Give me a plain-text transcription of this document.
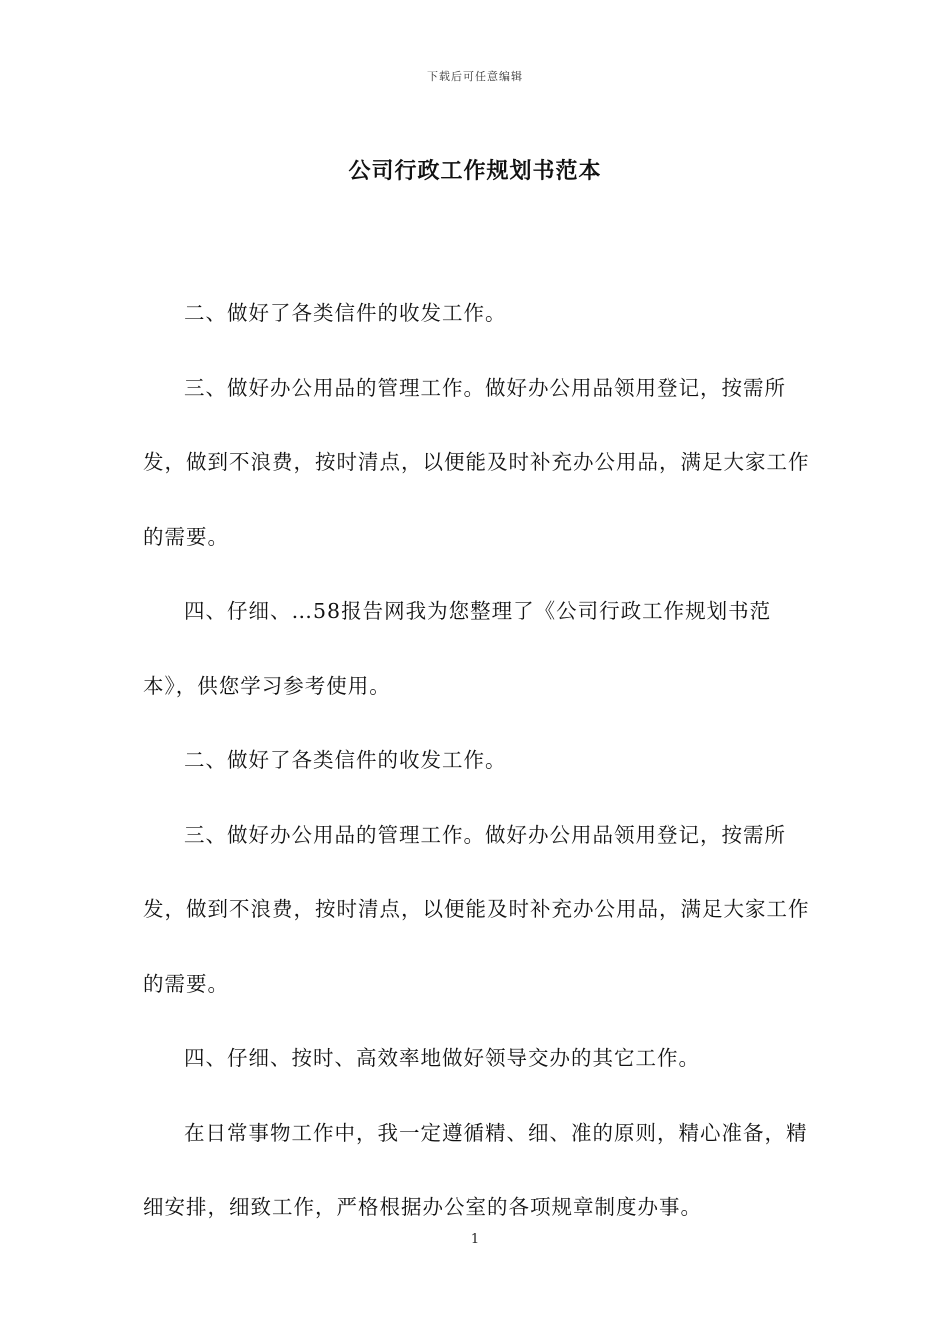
下载后可任意编辑
公司行政工作规划书范本

二、做好了各类信件的收发工作。

三、做好办公用品的管理工作。做好办公用品领用登记，按需所发，做到不浪费，按时清点，以便能及时补充办公用品，满足大家工作的需要。

四、仔细、…58报告网我为您整理了《公司行政工作规划书范本》，供您学习参考使用。

二、做好了各类信件的收发工作。

三、做好办公用品的管理工作。做好办公用品领用登记，按需所发，做到不浪费，按时清点，以便能及时补充办公用品，满足大家工作的需要。

四、仔细、按时、高效率地做好领导交办的其它工作。

在日常事物工作中，我一定遵循精、细、准的原则，精心准备，精细安排，细致工作，严格根据办公室的各项规章制度办事。

1
